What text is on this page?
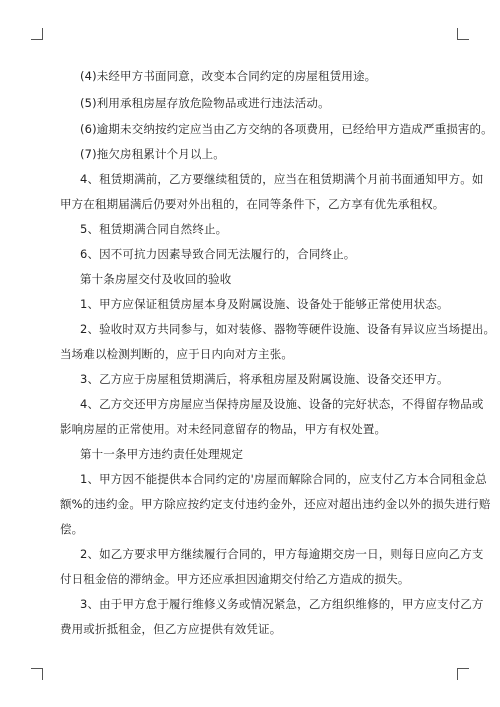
(4)未经甲方书面同意，改变本合同约定的房屋租赁用途。
(5)利用承租房屋存放危险物品或进行违法活动。
(6)逾期未交纳按约定应当由乙方交纳的各项费用，已经给甲方造成严重损害的。
(7)拖欠房租累计个月以上。
4、租赁期满前，乙方要继续租赁的，应当在租赁期满个月前书面通知甲方。如
甲方在租期届满后仍要对外出租的，在同等条件下，乙方享有优先承租权。
5、租赁期满合同自然终止。
6、因不可抗力因素导致合同无法履行的，合同终止。
第十条房屋交付及收回的验收
1、甲方应保证租赁房屋本身及附属设施、设备处于能够正常使用状态。
2、验收时双方共同参与，如对装修、器物等硬件设施、设备有异议应当场提出。
当场难以检测判断的，应于日内向对方主张。
3、乙方应于房屋租赁期满后，将承租房屋及附属设施、设备交还甲方。
4、乙方交还甲方房屋应当保持房屋及设施、设备的完好状态，不得留存物品或
影响房屋的正常使用。对未经同意留存的物品，甲方有权处置。
第十一条甲方违约责任处理规定
1、甲方因不能提供本合同约定的'房屋而解除合同的，应支付乙方本合同租金总
额%的违约金。甲方除应按约定支付违约金外，还应对超出违约金以外的损失进行赔
偿。
2、如乙方要求甲方继续履行合同的，甲方每逾期交房一日，则每日应向乙方支
付日租金倍的滞纳金。甲方还应承担因逾期交付给乙方造成的损失。
3、由于甲方怠于履行维修义务或情况紧急，乙方组织维修的，甲方应支付乙方
费用或折抵租金，但乙方应提供有效凭证。
